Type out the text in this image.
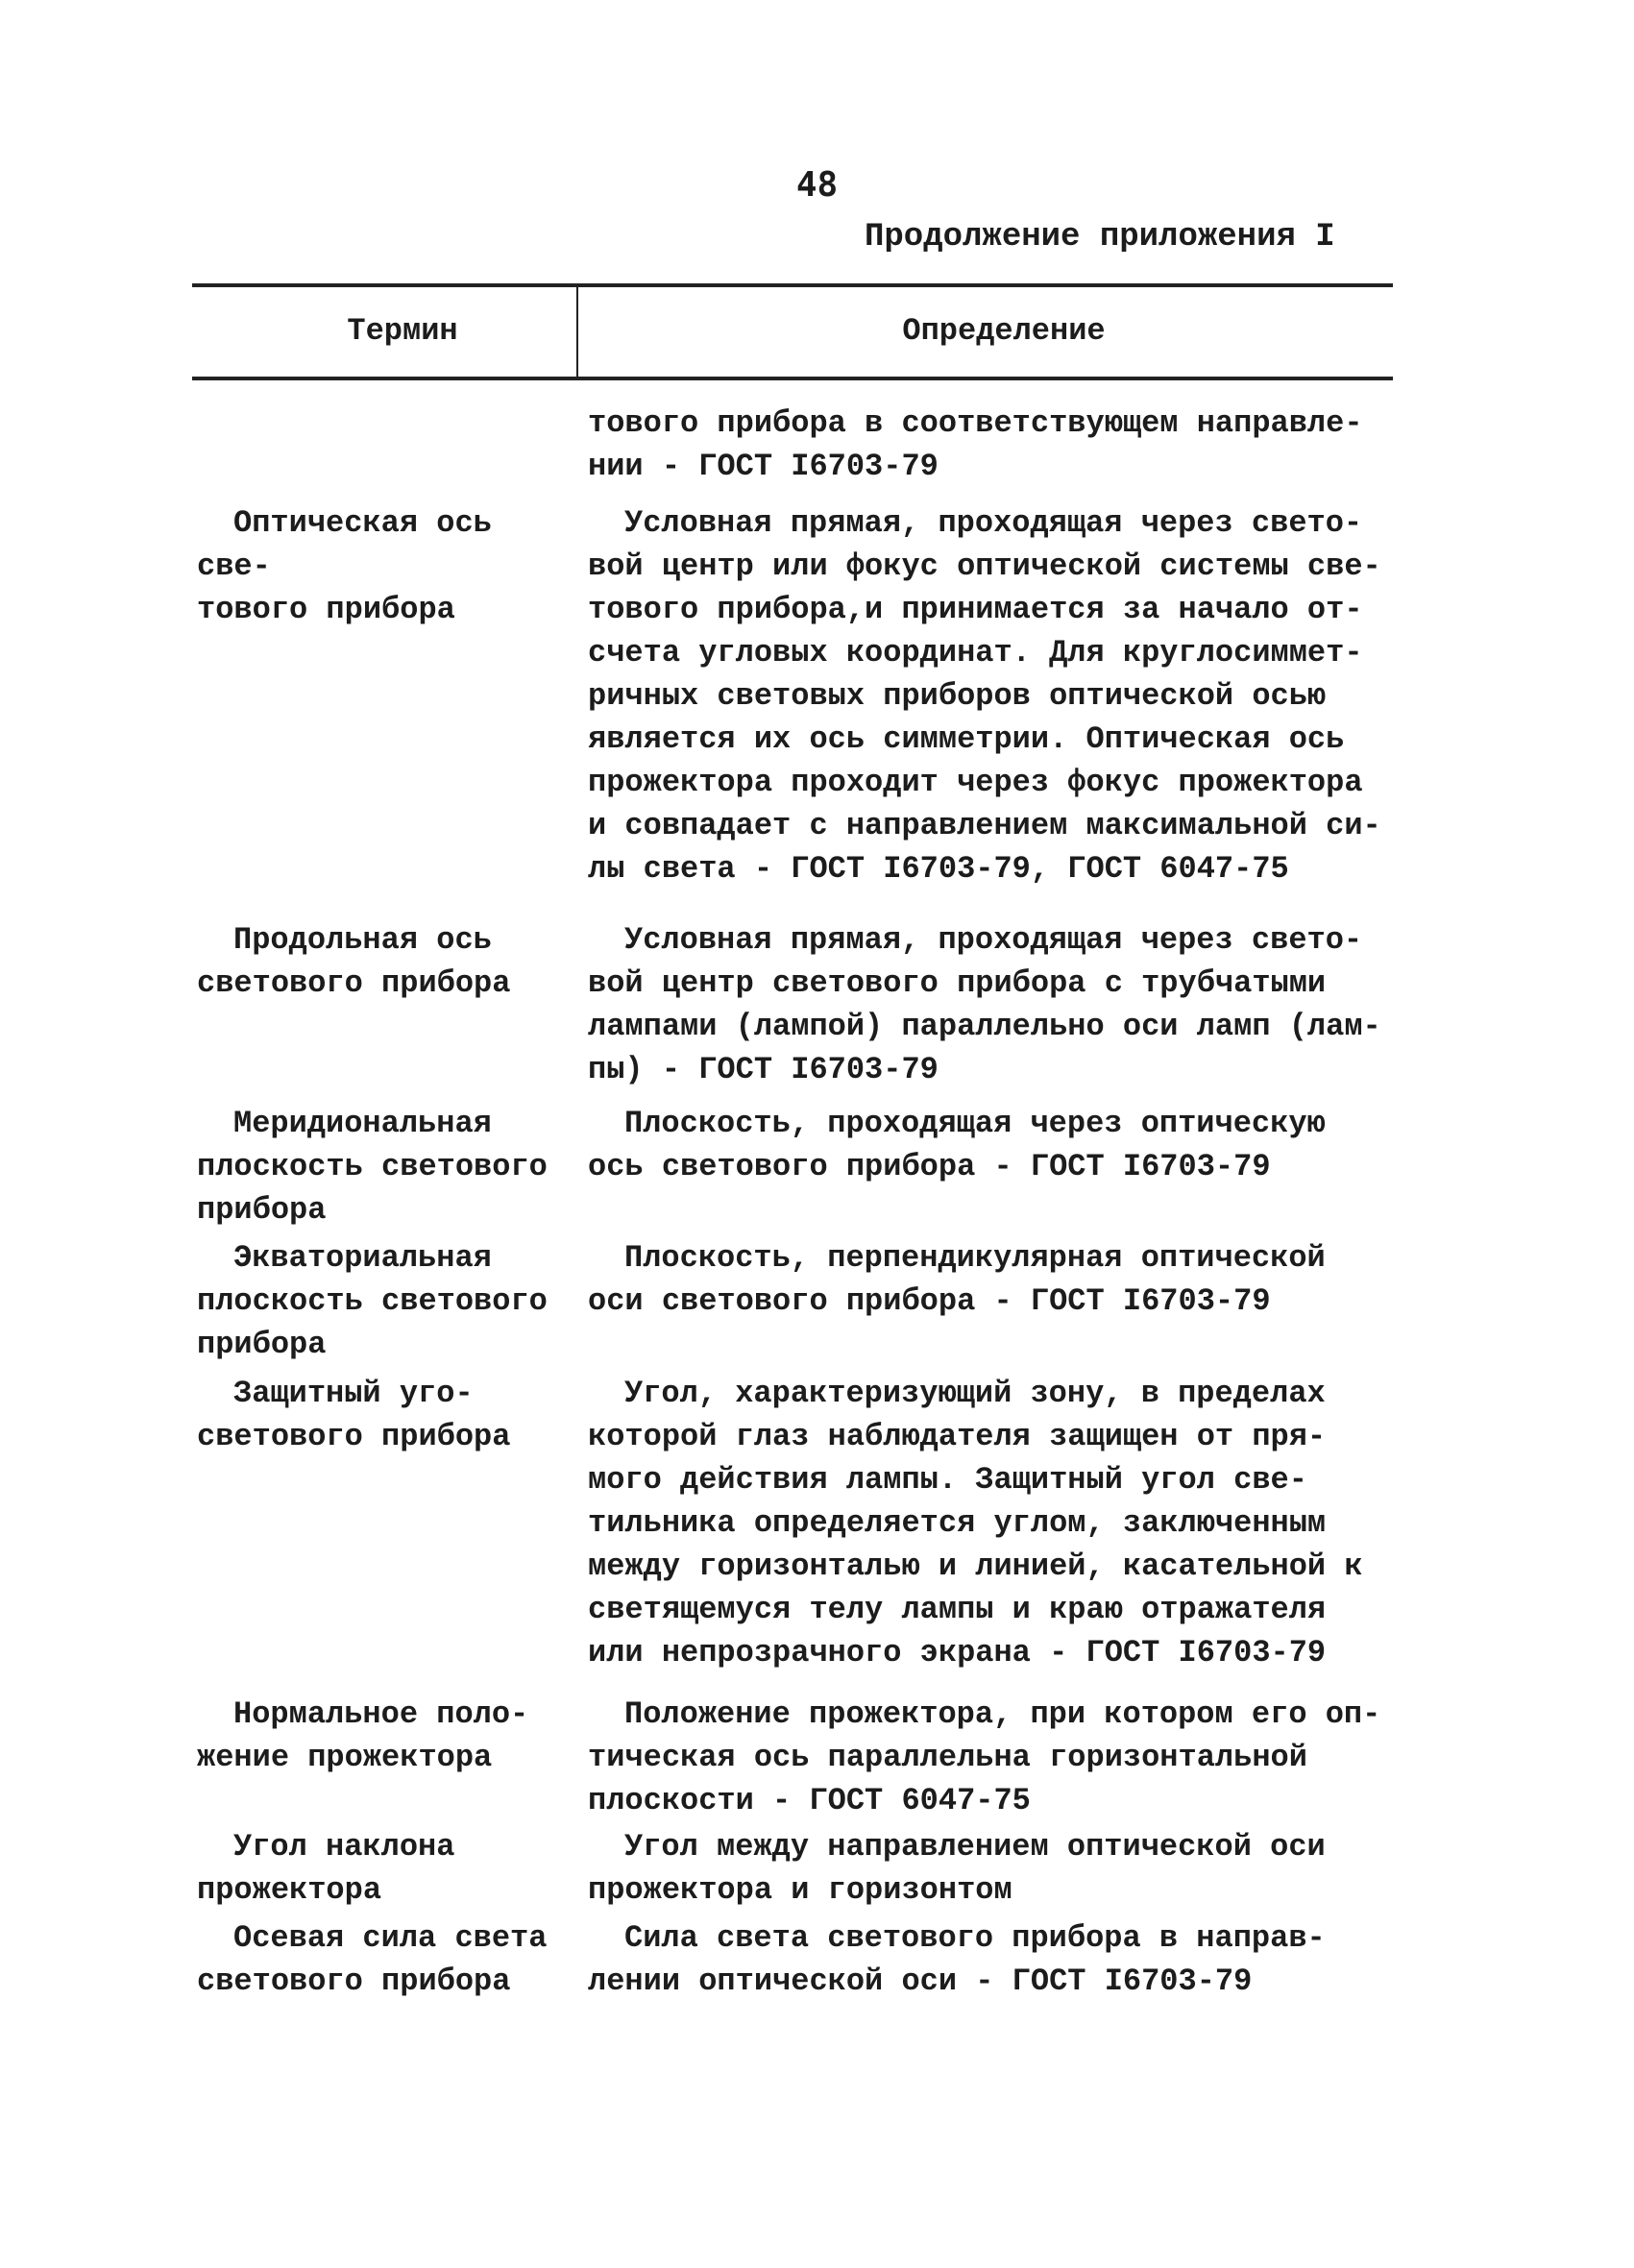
48
Продолжение приложения I
Термин	Определение
тового прибора в соответствующем направле-
нии - ГОСТ I6703-79
Оптическая ось све-
тового прибора
Условная прямая, проходящая через свето-
вой центр или фокус оптической системы све-
тового прибора,и принимается за начало от-
счета угловых координат. Для круглосиммет-
ричных световых приборов оптической осью
является их ось симметрии. Оптическая ось
прожектора проходит через фокус прожектора
и совпадает с направлением максимальной си-
лы света - ГОСТ I6703-79, ГОСТ 6047-75
Продольная ось
светового прибора
Условная прямая, проходящая через свето-
вой центр светового прибора с трубчатыми
лампами (лампой) параллельно оси ламп (лам-
пы) - ГОСТ I6703-79
Меридиональная
плоскость светового
прибора
Плоскость, проходящая через оптическую
ось светового прибора - ГОСТ I6703-79
Экваториальная
плоскость светового
прибора
Плоскость, перпендикулярная оптической
оси светового прибора - ГОСТ I6703-79
Защитный уго-
светового прибора
Угол, характеризующий зону, в пределах
которой глаз наблюдателя защищен от пря-
мого действия лампы. Защитный угол све-
тильника определяется углом, заключенным
между горизонталью и линией, касательной к
светящемуся телу лампы и краю отражателя
или непрозрачного экрана - ГОСТ I6703-79
Нормальное поло-
жение прожектора
Положение прожектора, при котором его оп-
тическая ось параллельна горизонтальной
плоскости - ГОСТ 6047-75
Угол наклона
прожектора
Угол между направлением оптической оси
прожектора и горизонтом
Осевая сила света
светового прибора
Сила света светового прибора в направ-
лении оптической оси - ГОСТ I6703-79
